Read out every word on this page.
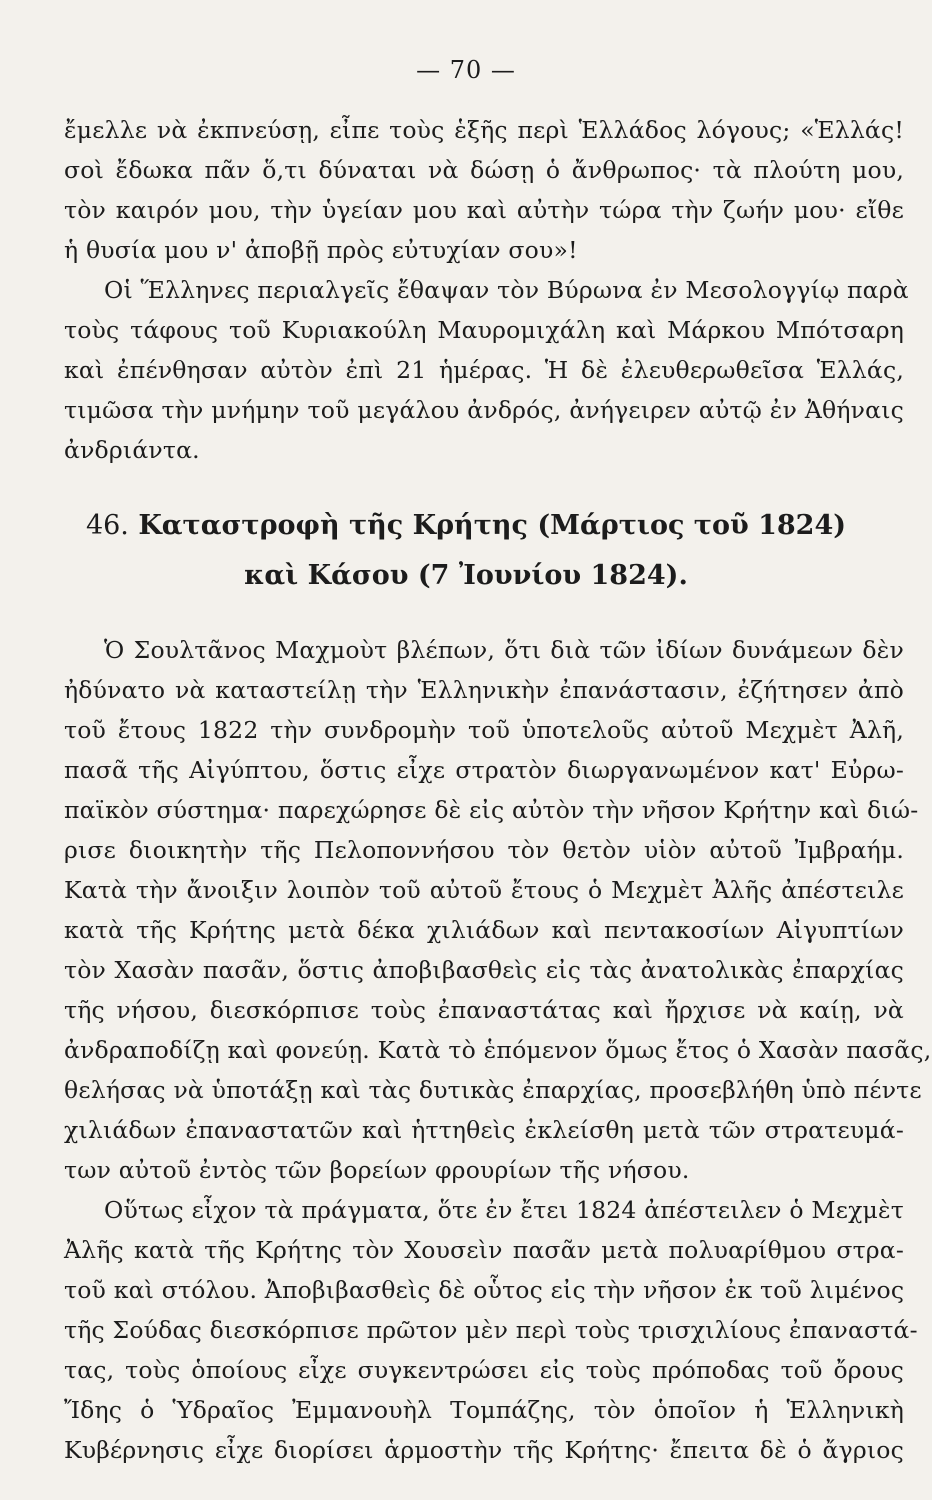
— 70 —
ἔμελλε νὰ ἐκπνεύσῃ, εἶπε τοὺς ἑξῆς περὶ Ἑλλάδος λόγους; «Ἑλλάς!
σοὶ ἔδωκα πᾶν ὅ,τι δύναται νὰ δώσῃ ὁ ἄνθρωπος· τὰ πλούτη μου,
τὸν καιρόν μου, τὴν ὑγείαν μου καὶ αὐτὴν τώρα τὴν ζωήν μου· εἴθε
ἡ θυσία μου ν' ἀποβῇ πρὸς εὐτυχίαν σου»!
Οἱ Ἕλληνες περιαλγεῖς ἔθαψαν τὸν Βύρωνα ἐν Μεσολογγίῳ παρὰ
τοὺς τάφους τοῦ Κυριακούλη Μαυρομιχάλη καὶ Μάρκου Μπότσαρη
καὶ ἐπένθησαν αὐτὸν ἐπὶ 21 ἡμέρας. Ἡ δὲ ἐλευθερωθεῖσα Ἑλλάς,
τιμῶσα τὴν μνήμην τοῦ μεγάλου ἀνδρός, ἀνήγειρεν αὐτῷ ἐν Ἀθήναις
ἀνδριάντα.
46. Καταστροφὴ τῆς Κρήτης (Μάρτιος τοῦ 1824)
καὶ Κάσου (7 Ἰουνίου 1824).
Ὁ Σουλτᾶνος Μαχμοὺτ βλέπων, ὅτι διὰ τῶν ἰδίων δυνάμεων δὲν
ἠδύνατο νὰ καταστείλῃ τὴν Ἑλληνικὴν ἐπανάστασιν, ἐζήτησεν ἀπὸ
τοῦ ἔτους 1822 τὴν συνδρομὴν τοῦ ὑποτελοῦς αὐτοῦ Μεχμὲτ Ἀλῆ,
πασᾶ τῆς Αἰγύπτου, ὅστις εἶχε στρατὸν διωργανωμένον κατ' Εὐρω-
παϊκὸν σύστημα· παρεχώρησε δὲ εἰς αὐτὸν τὴν νῆσον Κρήτην καὶ διώ-
ρισε διοικητὴν τῆς Πελοποννήσου τὸν θετὸν υἱὸν αὐτοῦ Ἰμβραήμ.
Κατὰ τὴν ἄνοιξιν λοιπὸν τοῦ αὐτοῦ ἔτους ὁ Μεχμὲτ Ἀλῆς ἀπέστειλε
κατὰ τῆς Κρήτης μετὰ δέκα χιλιάδων καὶ πεντακοσίων Αἰγυπτίων
τὸν Χασὰν πασᾶν, ὅστις ἀποβιβασθεὶς εἰς τὰς ἀνατολικὰς ἐπαρχίας
τῆς νήσου, διεσκόρπισε τοὺς ἐπαναστάτας καὶ ἤρχισε νὰ καίῃ, νὰ
ἀνδραποδίζῃ καὶ φονεύῃ. Κατὰ τὸ ἑπόμενον ὅμως ἔτος ὁ Χασὰν πασᾶς,
θελήσας νὰ ὑποτάξῃ καὶ τὰς δυτικὰς ἐπαρχίας, προσεβλήθη ὑπὸ πέντε
χιλιάδων ἐπαναστατῶν καὶ ἡττηθεὶς ἐκλείσθη μετὰ τῶν στρατευμά-
των αὐτοῦ ἐντὸς τῶν βορείων φρουρίων τῆς νήσου.
Οὕτως εἶχον τὰ πράγματα, ὅτε ἐν ἔτει 1824 ἀπέστειλεν ὁ Μεχμὲτ
Ἀλῆς κατὰ τῆς Κρήτης τὸν Χουσεὶν πασᾶν μετὰ πολυαρίθμου στρα-
τοῦ καὶ στόλου. Ἀποβιβασθεὶς δὲ οὗτος εἰς τὴν νῆσον ἐκ τοῦ λιμένος
τῆς Σούδας διεσκόρπισε πρῶτον μὲν περὶ τοὺς τρισχιλίους ἐπαναστά-
τας, τοὺς ὁποίους εἶχε συγκεντρώσει εἰς τοὺς πρόποδας τοῦ ὄρους
Ἴδης ὁ Ὑδραῖος Ἐμμανουὴλ Τομπάζης, τὸν ὁποῖον ἡ Ἑλληνικὴ
Κυβέρνησις εἶχε διορίσει ἁρμοστὴν τῆς Κρήτης· ἔπειτα δὲ ὁ ἄγριος
